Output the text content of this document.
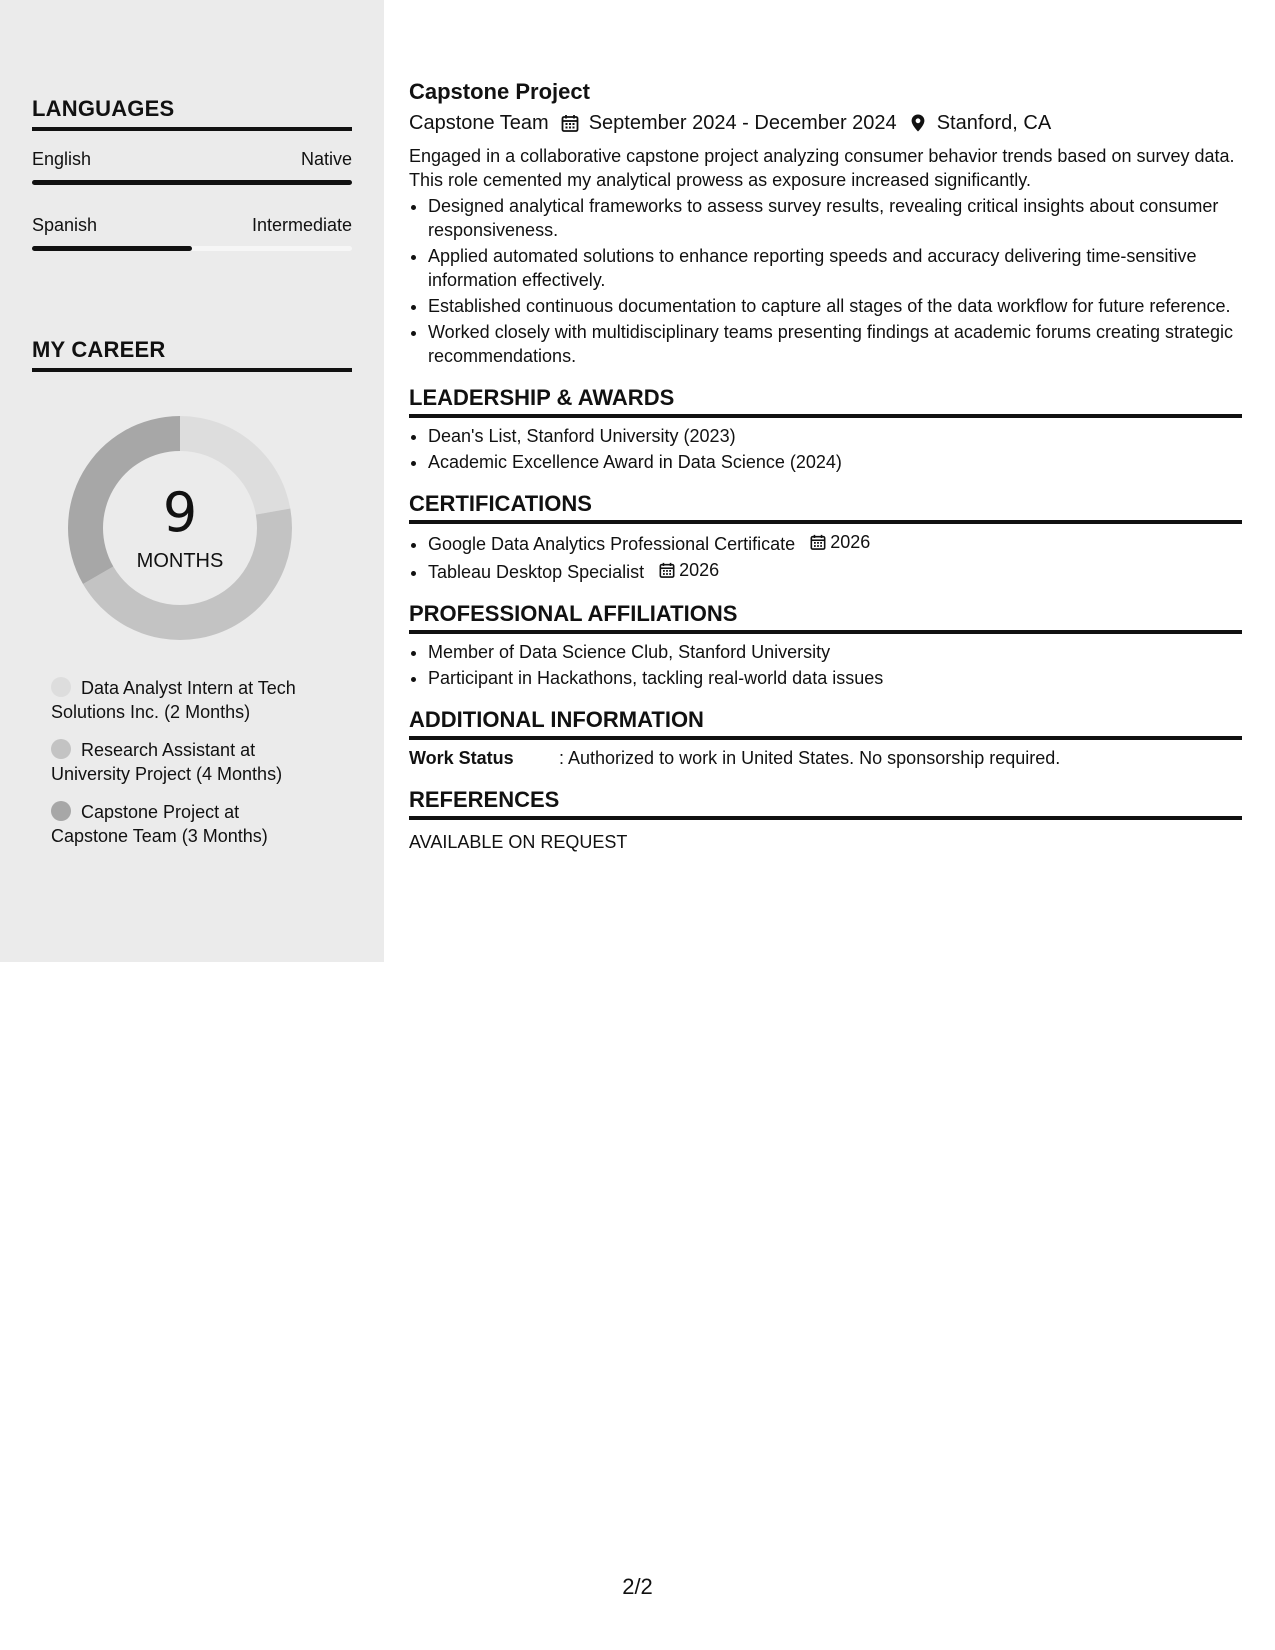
LANGUAGES
English	Native
Spanish	Intermediate
MY CAREER
9
MONTHS
Data Analyst Intern at Tech Solutions Inc. (2 Months)
Research Assistant at University Project (4 Months)
Capstone Project at Capstone Team (3 Months)
Capstone Project
Capstone Team September 2024 - December 2024 Stanford, CA
Engaged in a collaborative capstone project analyzing consumer behavior trends based on survey data. This role cemented my analytical prowess as exposure increased significantly.
• Designed analytical frameworks to assess survey results, revealing critical insights about consumer responsiveness.
• Applied automated solutions to enhance reporting speeds and accuracy delivering time-sensitive information effectively.
• Established continuous documentation to capture all stages of the data workflow for future reference.
• Worked closely with multidisciplinary teams presenting findings at academic forums creating strategic recommendations.
LEADERSHIP & AWARDS
• Dean's List, Stanford University (2023)
• Academic Excellence Award in Data Science (2024)
CERTIFICATIONS
• Google Data Analytics Professional Certificate 2026
• Tableau Desktop Specialist 2026
PROFESSIONAL AFFILIATIONS
• Member of Data Science Club, Stanford University
• Participant in Hackathons, tackling real-world data issues
ADDITIONAL INFORMATION
Work Status	: Authorized to work in United States. No sponsorship required.
REFERENCES
AVAILABLE ON REQUEST
2/2
